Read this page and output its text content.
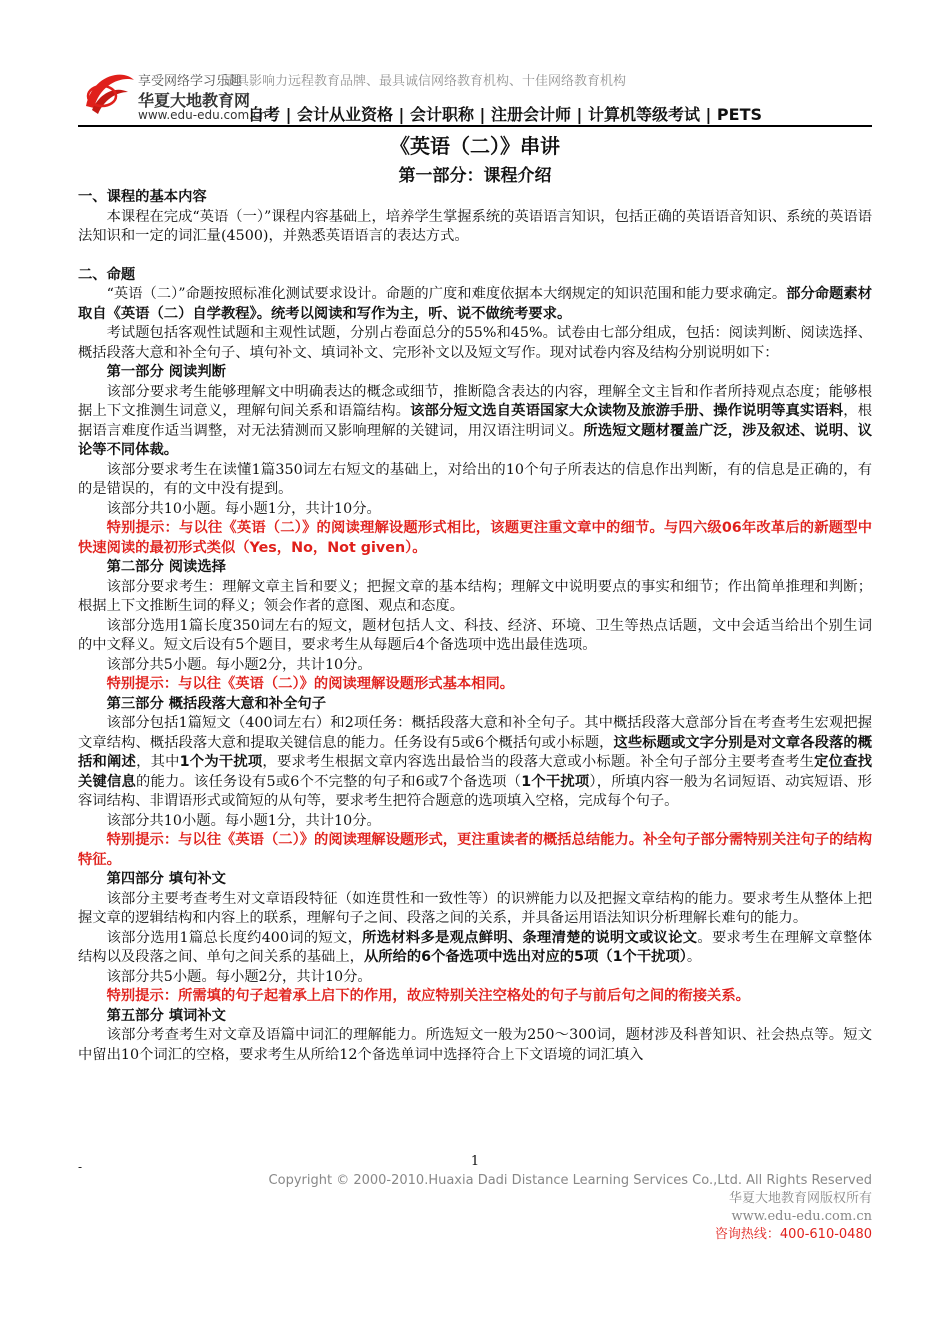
享受网络学习乐趣
最具影响力远程教育品牌、最具诚信网络教育机构、十佳网络教育机构
华夏大地教育网
www.edu-edu.com.cn
自考 | 会计从业资格 | 会计职称 | 注册会计师 | 计算机等级考试 | PETS
《英语（二）》串讲
第一部分：课程介绍
一、课程的基本内容

本课程在完成“英语（一）”课程内容基础上，培养学生掌握系统的英语语言知识，包括正确的英语语音知识、系统的英语语法知识和一定的词汇量(4500)，并熟悉英语语言的表达方式。

二、命题

“英语（二）”命题按照标准化测试要求设计。命题的广度和难度依据本大纲规定的知识范围和能力要求确定。部分命题素材取自《英语（二）自学教程》。统考以阅读和写作为主，听、说不做统考要求。

考试题包括客观性试题和主观性试题，分别占卷面总分的55%和45%。试卷由七部分组成，包括：阅读判断、阅读选择、概括段落大意和补全句子、填句补文、填词补文、完形补文以及短文写作。现对试卷内容及结构分别说明如下：

第一部分 阅读判断

该部分要求考生能够理解文中明确表达的概念或细节，推断隐含表达的内容，理解全文主旨和作者所持观点态度；能够根据上下文推测生词意义，理解句间关系和语篇结构。该部分短文选自英语国家大众读物及旅游手册、操作说明等真实语料，根据语言难度作适当调整，对无法猜测而又影响理解的关键词，用汉语注明词义。所选短文题材覆盖广泛，涉及叙述、说明、议论等不同体裁。

该部分要求考生在读懂1篇350词左右短文的基础上，对给出的10个句子所表达的信息作出判断，有的信息是正确的，有的是错误的，有的文中没有提到。

该部分共10小题。每小题1分，共计10分。

特别提示：与以往《英语（二）》的阅读理解设题形式相比，该题更注重文章中的细节。与四六级06年改革后的新题型中快速阅读的最初形式类似（Yes，No，Not given）。

第二部分 阅读选择

该部分要求考生：理解文章主旨和要义；把握文章的基本结构；理解文中说明要点的事实和细节；作出简单推理和判断；根据上下文推断生词的释义；领会作者的意图、观点和态度。

该部分选用1篇长度350词左右的短文，题材包括人文、科技、经济、环境、卫生等热点话题，文中会适当给出个别生词的中文释义。短文后设有5个题目，要求考生从每题后4个备选项中选出最佳选项。

该部分共5小题。每小题2分，共计10分。

特别提示：与以往《英语（二）》的阅读理解设题形式基本相同。

第三部分 概括段落大意和补全句子

该部分包括1篇短文（400词左右）和2项任务：概括段落大意和补全句子。其中概括段落大意部分旨在考查考生宏观把握文章结构、概括段落大意和提取关键信息的能力。任务设有5或6个概括句或小标题，这些标题或文字分别是对文章各段落的概括和阐述，其中1个为干扰项，要求考生根据文章内容选出最恰当的段落大意或小标题。补全句子部分主要考查考生定位查找关键信息的能力。该任务设有5或6个不完整的句子和6或7个备选项（1个干扰项），所填内容一般为名词短语、动宾短语、形容词结构、非谓语形式或简短的从句等，要求考生把符合题意的选项填入空格，完成每个句子。

该部分共10小题。每小题1分，共计10分。

特别提示：与以往《英语（二）》的阅读理解设题形式，更注重读者的概括总结能力。补全句子部分需特别关注句子的结构特征。

第四部分 填句补文

该部分主要考查考生对文章语段特征（如连贯性和一致性等）的识辨能力以及把握文章结构的能力。要求考生从整体上把握文章的逻辑结构和内容上的联系，理解句子之间、段落之间的关系，并具备运用语法知识分析理解长难句的能力。

该部分选用1篇总长度约400词的短文，所选材料多是观点鲜明、条理清楚的说明文或议论文。要求考生在理解文章整体结构以及段落之间、单句之间关系的基础上，从所给的6个备选项中选出对应的5项（1个干扰项）。

该部分共5小题。每小题2分，共计10分。

特别提示：所需填的句子起着承上启下的作用，故应特别关注空格处的句子与前后句之间的衔接关系。

第五部分 填词补文

该部分考查考生对文章及语篇中词汇的理解能力。所选短文一般为250～300词，题材涉及科普知识、社会热点等。短文中留出10个词汇的空格，要求考生从所给12个备选单词中选择符合上下文语境的词汇填入

-	1
Copyright © 2000-2010.Huaxia Dadi Distance Learning Services Co.,Ltd. All Rights Reserved
华夏大地教育网版权所有
www.edu-edu.com.cn
咨询热线：400-610-0480
